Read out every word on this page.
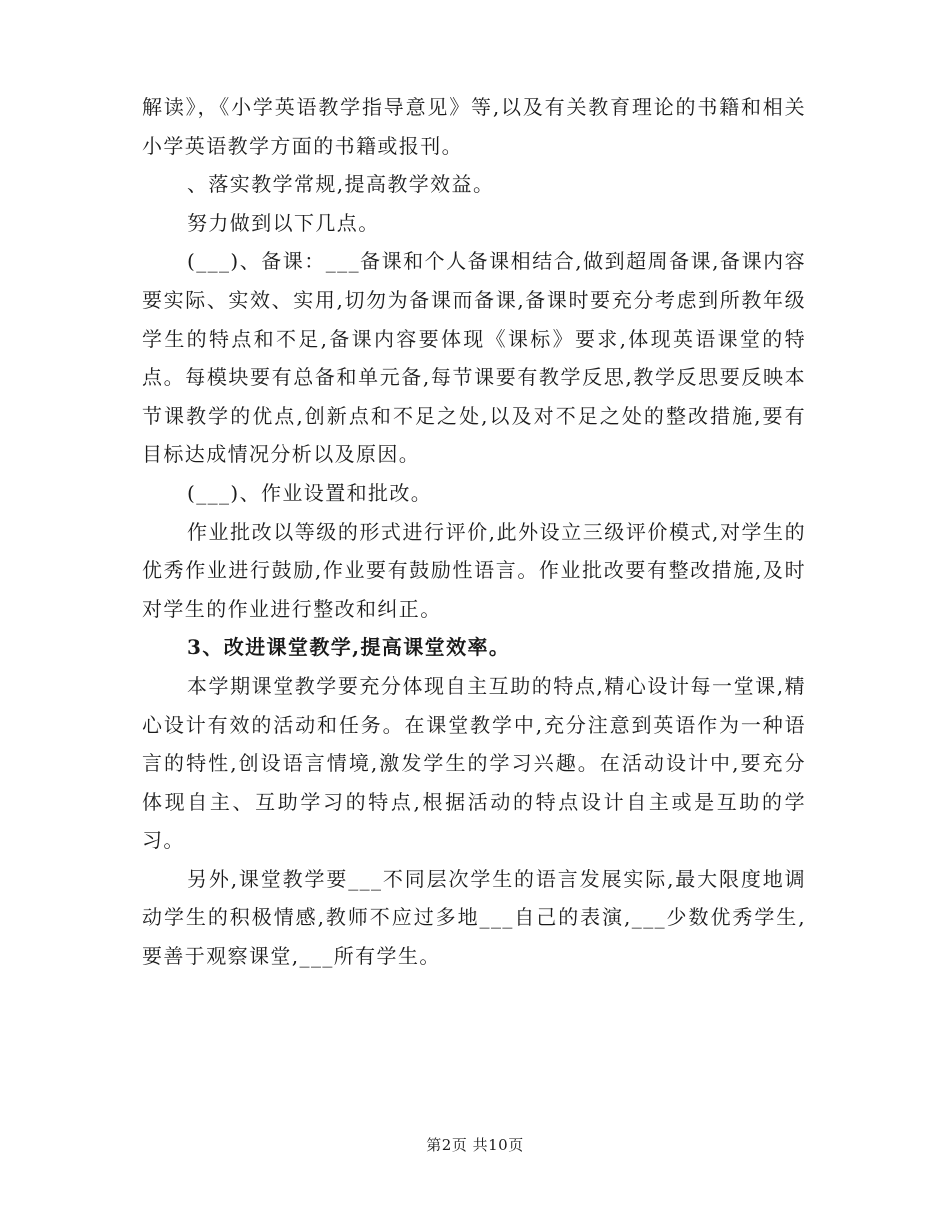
解读》，《小学英语教学指导意见》等,以及有关教育理论的书籍和相关小学英语教学方面的书籍或报刊。

、落实教学常规,提高教学效益。

努力做到以下几点。

(___)、备课：___备课和个人备课相结合,做到超周备课,备课内容要实际、实效、实用,切勿为备课而备课,备课时要充分考虑到所教年级学生的特点和不足,备课内容要体现《课标》要求,体现英语课堂的特点。每模块要有总备和单元备,每节课要有教学反思,教学反思要反映本节课教学的优点,创新点和不足之处,以及对不足之处的整改措施,要有目标达成情况分析以及原因。

(___)、作业设置和批改。

作业批改以等级的形式进行评价,此外设立三级评价模式,对学生的优秀作业进行鼓励,作业要有鼓励性语言。作业批改要有整改措施,及时对学生的作业进行整改和纠正。

3、改进课堂教学,提高课堂效率。

本学期课堂教学要充分体现自主互助的特点,精心设计每一堂课,精心设计有效的活动和任务。在课堂教学中,充分注意到英语作为一种语言的特性,创设语言情境,激发学生的学习兴趣。在活动设计中,要充分体现自主、互助学习的特点,根据活动的特点设计自主或是互助的学习。

另外,课堂教学要___不同层次学生的语言发展实际,最大限度地调动学生的积极情感,教师不应过多地___自己的表演,___少数优秀学生,要善于观察课堂,___所有学生。

第2页 共10页
